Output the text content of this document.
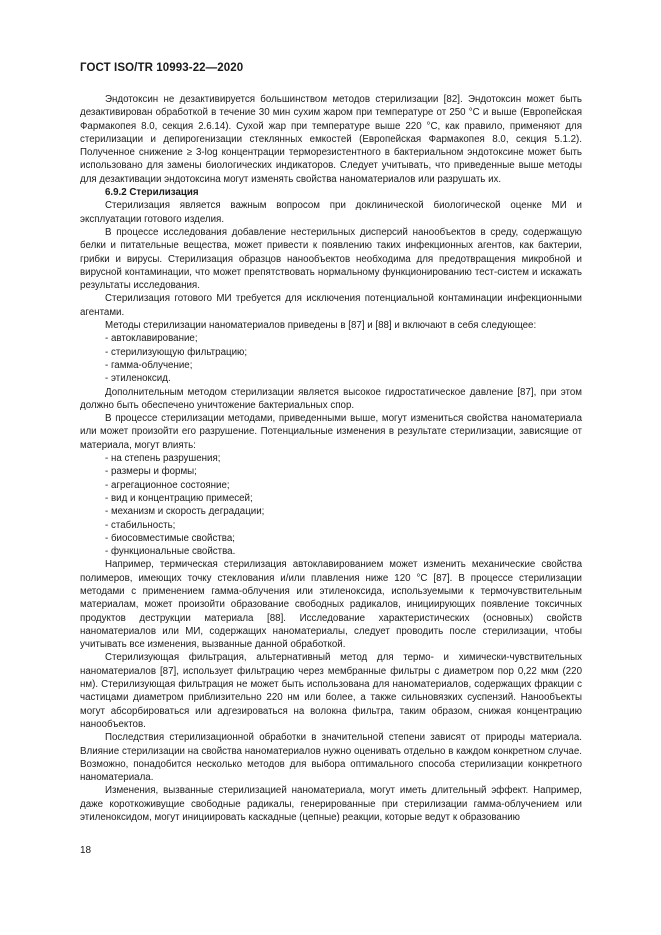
ГОСТ ISO/TR 10993-22—2020

Эндотоксин не дезактивируется большинством методов стерилизации [82]. Эндотоксин может быть дезактивирован обработкой в течение 30 мин сухим жаром при температуре от 250 °С и выше (Европейская Фармакопея 8.0, секция 2.6.14). Сухой жар при температуре выше 220 °С, как правило, применяют для стерилизации и депирогенизации стеклянных емкостей (Европейская Фармакопея 8.0, секция 5.1.2). Полученное снижение ≥ 3-log концентрации терморезистентного в бактериальном эндотоксине может быть использовано для замены биологических индикаторов. Следует учитывать, что приведенные выше методы для дезактивации эндотоксина могут изменять свойства наноматериалов или разрушать их.

6.9.2 Стерилизация

Стерилизация является важным вопросом при доклинической биологической оценке МИ и эксплуатации готового изделия.

В процессе исследования добавление нестерильных дисперсий нанообъектов в среду, содержащую белки и питательные вещества, может привести к появлению таких инфекционных агентов, как бактерии, грибки и вирусы. Стерилизация образцов нанообъектов необходима для предотвращения микробной и вирусной контаминации, что может препятствовать нормальному функционированию тест-систем и искажать результаты исследования.

Стерилизация готового МИ требуется для исключения потенциальной контаминации инфекционными агентами.

Методы стерилизации наноматериалов приведены в [87] и [88] и включают в себя следующее:

- автоклавирование;
- стерилизующую фильтрацию;
- гамма-облучение;
- этиленоксид.

Дополнительным методом стерилизации является высокое гидростатическое давление [87], при этом должно быть обеспечено уничтожение бактериальных спор.

В процессе стерилизации методами, приведенными выше, могут измениться свойства наноматериала или может произойти его разрушение. Потенциальные изменения в результате стерилизации, зависящие от материала, могут влиять:

- на степень разрушения;
- размеры и формы;
- агрегационное состояние;
- вид и концентрацию примесей;
- механизм и скорость деградации;
- стабильность;
- биосовместимые свойства;
- функциональные свойства.

Например, термическая стерилизация автоклавированием может изменить механические свойства полимеров, имеющих точку стеклования и/или плавления ниже 120 °С [87]. В процессе стерилизации методами с применением гамма-облучения или этиленоксида, используемыми к термочувствительным материалам, может произойти образование свободных радикалов, инициирующих появление токсичных продуктов деструкции материала [88]. Исследование характеристических (основных) свойств наноматериалов или МИ, содержащих наноматериалы, следует проводить после стерилизации, чтобы учитывать все изменения, вызванные данной обработкой.

Стерилизующая фильтрация, альтернативный метод для термо- и химически-чувствительных наноматериалов [87], использует фильтрацию через мембранные фильтры с диаметром пор 0,22 мкм (220 нм). Стерилизующая фильтрация не может быть использована для наноматериалов, содержащих фракции с частицами диаметром приблизительно 220 нм или более, а также сильновязких суспензий. Нанообъекты могут абсорбироваться или адгезироваться на волокна фильтра, таким образом, снижая концентрацию нанообъектов.

Последствия стерилизационной обработки в значительной степени зависят от природы материала. Влияние стерилизации на свойства наноматериалов нужно оценивать отдельно в каждом конкретном случае. Возможно, понадобится несколько методов для выбора оптимального способа стерилизации конкретного наноматериала.

Изменения, вызванные стерилизацией наноматериала, могут иметь длительный эффект. Например, даже короткоживущие свободные радикалы, генерированные при стерилизации гамма-облучением или этиленоксидом, могут инициировать каскадные (цепные) реакции, которые ведут к образованию

18
